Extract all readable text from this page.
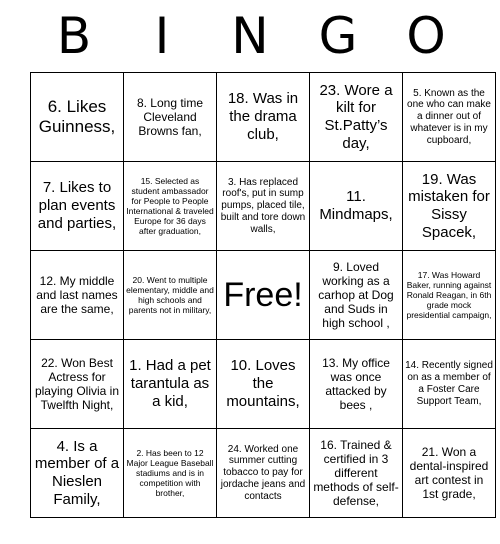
B	I	N G O
6. Likes Guinness,	8. Long time Cleveland Browns fan,	18. Was in the drama club,	23. Wore a kilt for St.Patty’s day,	5. Known as the one who can make a dinner out of whatever is in my cupboard,
7. Likes to plan events and parties,	15. Selected as student ambassador for People to People International & traveled Europe for 36 days after graduation,	3. Has replaced roof's, put in sump pumps, placed tile, built and tore down walls,	11. Mindmaps,	19. Was mistaken for Sissy Spacek,
12. My middle and last names are the same,	20. Went to multiple elementary, middle and high schools and parents not in military,	Free!	9. Loved working as a carhop at Dog and Suds in high school ,	17. Was Howard Baker, running against Ronald Reagan, in 6th grade mock presidential campaign,
22. Won Best Actress for playing Olivia in Twelfth Night,	1. Had a pet tarantula as a kid,	10. Loves the mountains,	13. My office was once attacked by bees ,	14. Recently signed on as a member of a Foster Care Support Team,
4. Is a member of a Nieslen Family,	2. Has been to 12 Major League Baseball stadiums and is in competition with brother,	24. Worked one summer cutting tobacco to pay for jordache jeans and contacts	16. Trained & certified in 3 different methods of self-defense,	21. Won a dental-inspired art contest in 1st grade,
